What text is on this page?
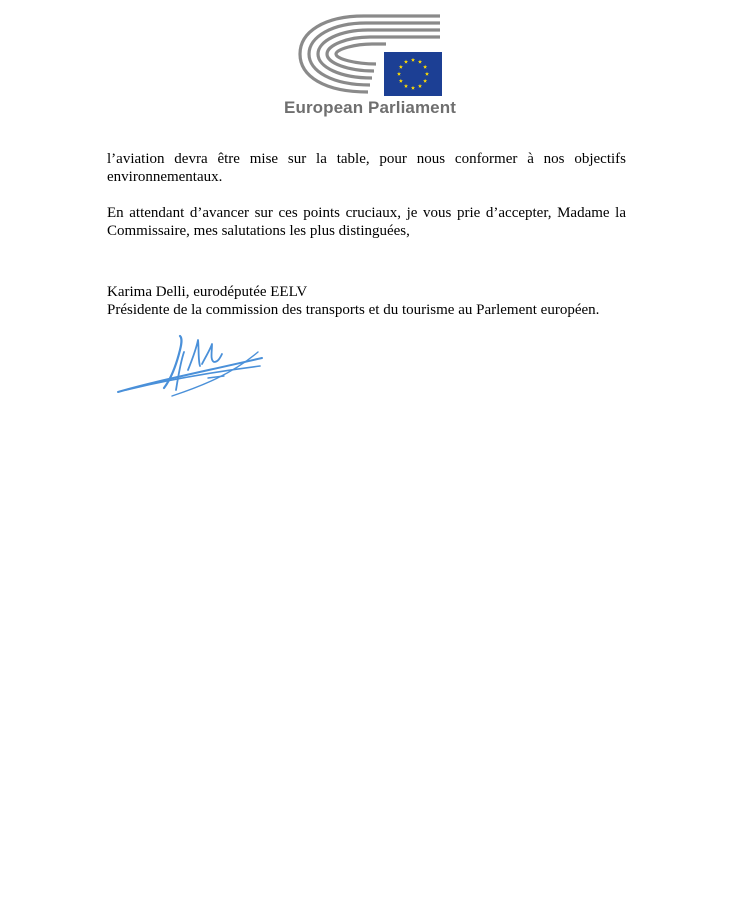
European Parliament

l’aviation devra être mise sur la table, pour nous conformer à nos objectifs environnementaux.

En attendant d’avancer sur ces points cruciaux, je vous prie d’accepter, Madame la Commissaire, mes salutations les plus distinguées,

Karima Delli, eurodéputée EELV
Présidente de la commission des transports et du tourisme au Parlement européen.
